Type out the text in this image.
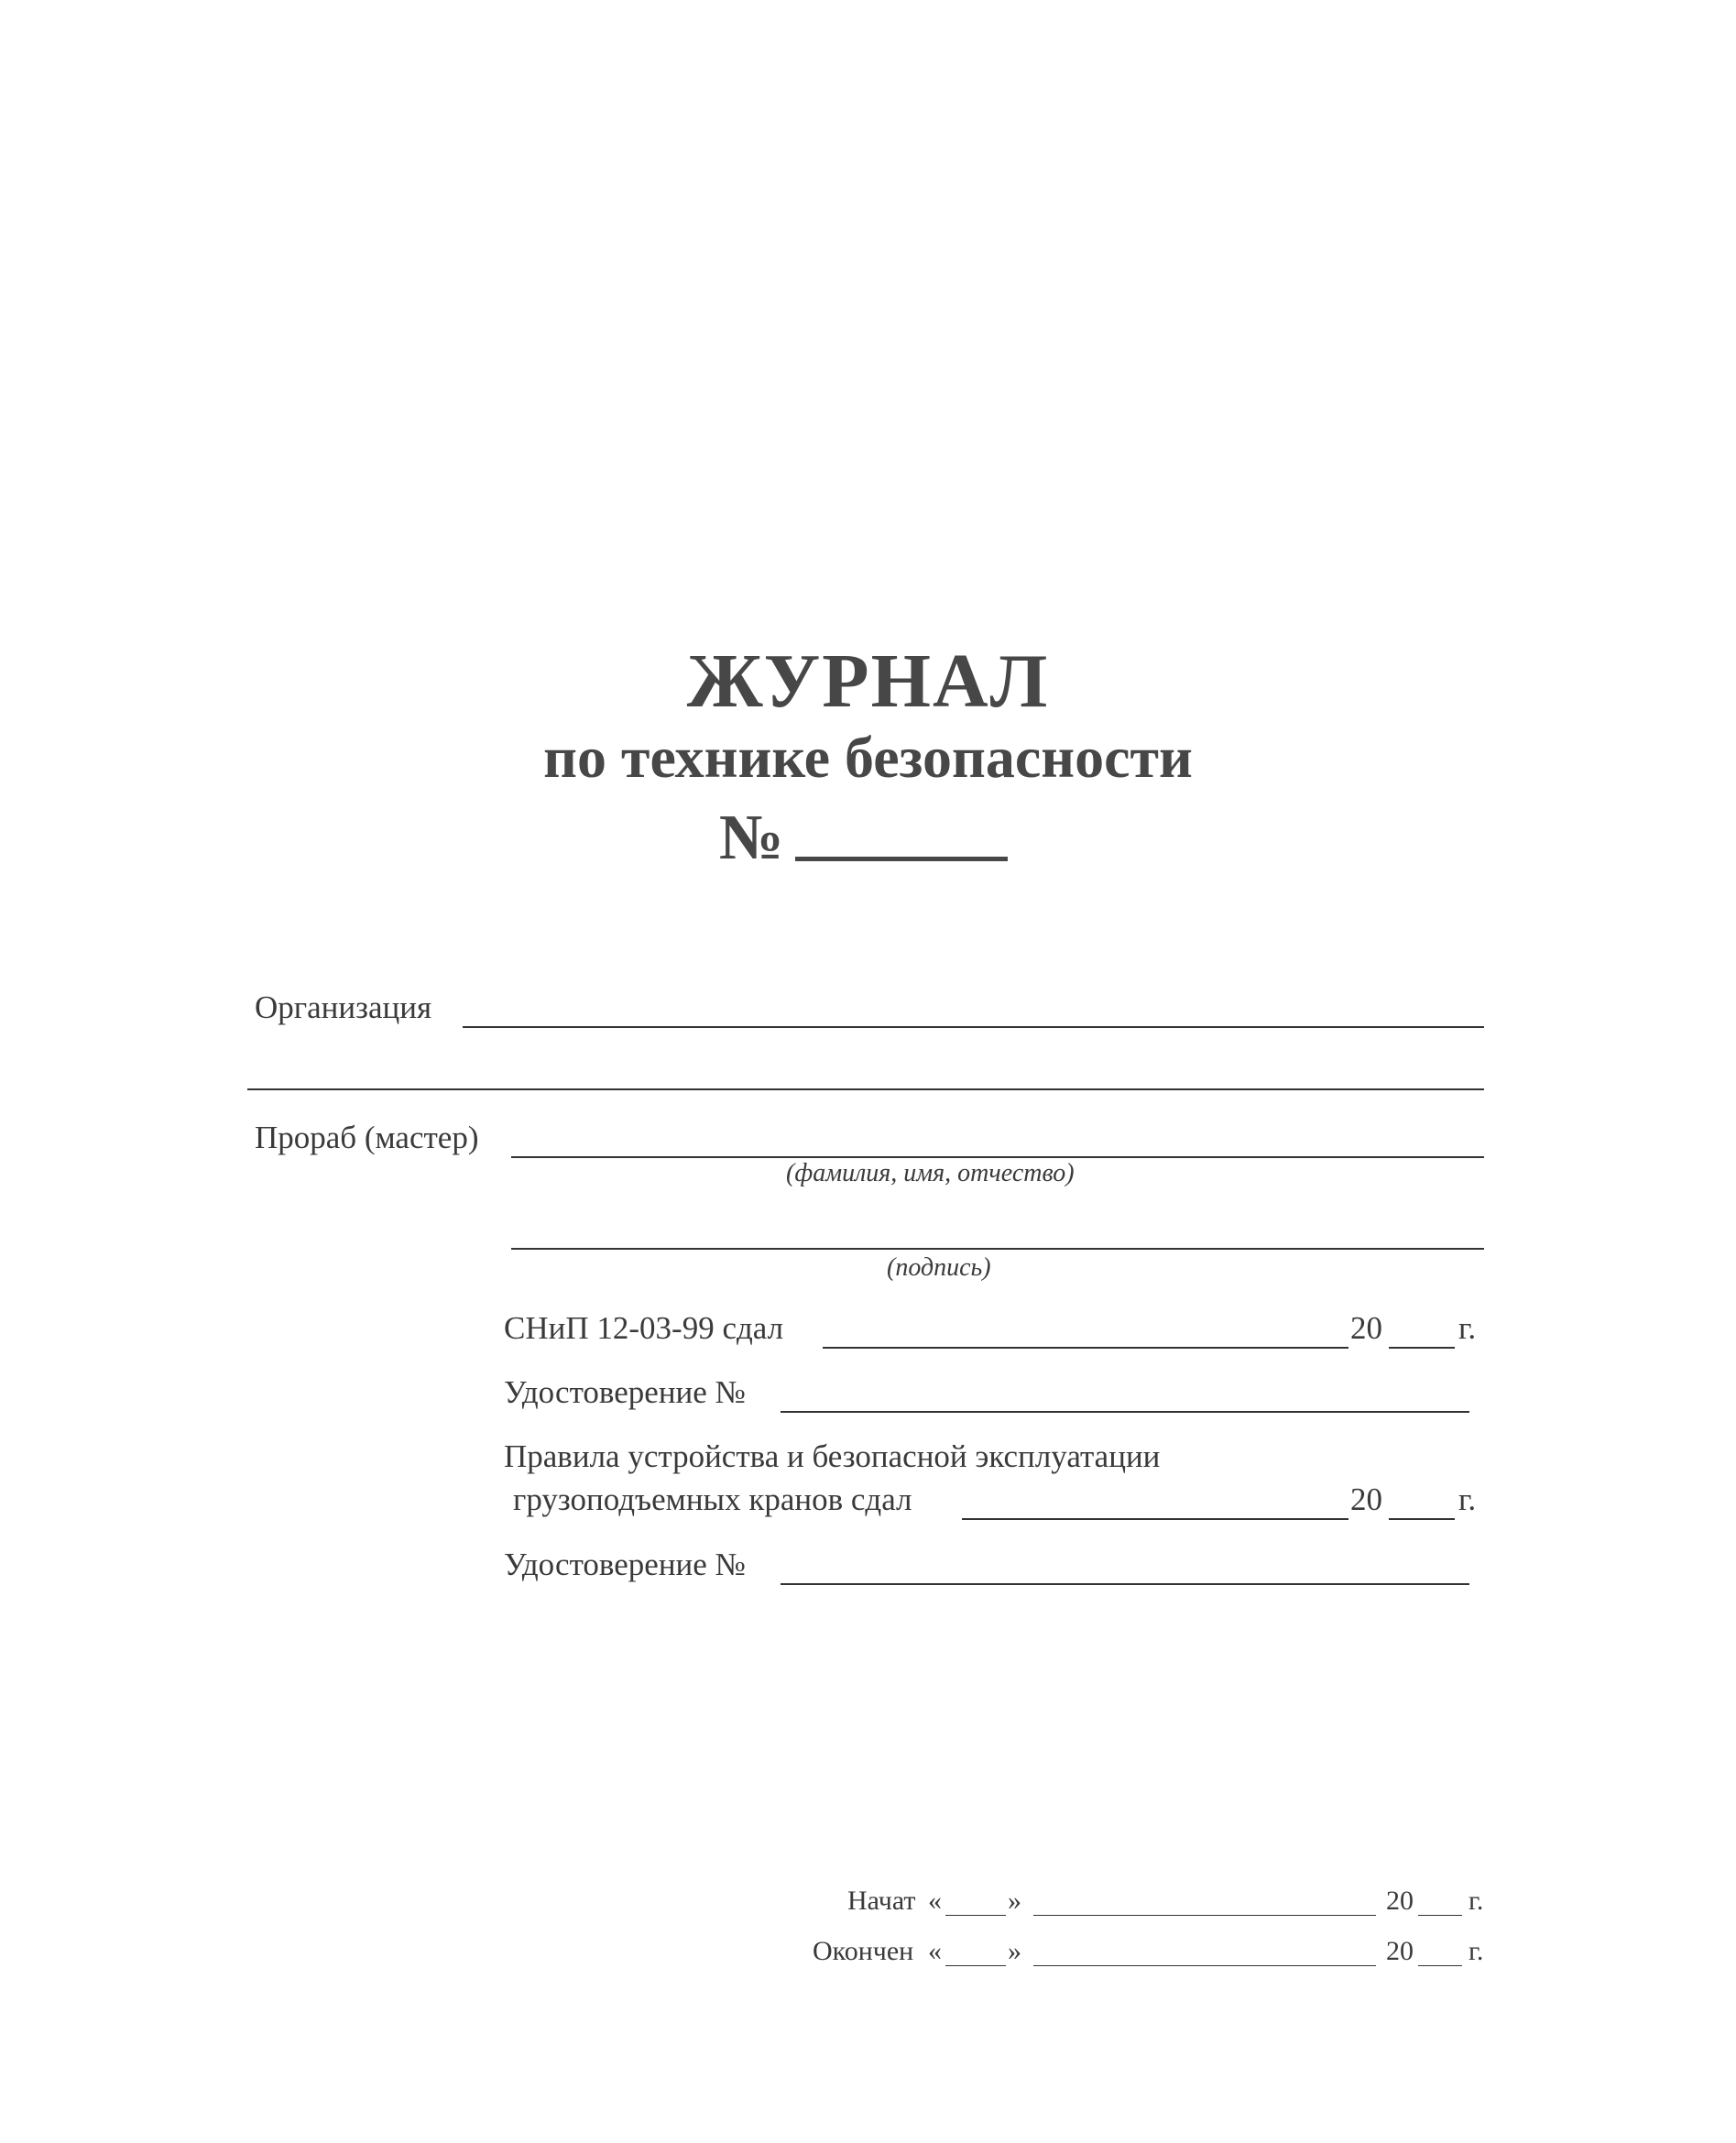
ЖУРНАЛ
по технике безопасности
№
Организация
Прораб (мастер)
(фамилия, имя, отчество)
(подпись)
СНиП 12-03-99 сдал	20 г.
Удостоверение №
Правила устройства и безопасной эксплуатации
грузоподъемных кранов сдал	20 г.
Удостоверение №
Начат « »	20 г.
Окончен « »	20 г.
